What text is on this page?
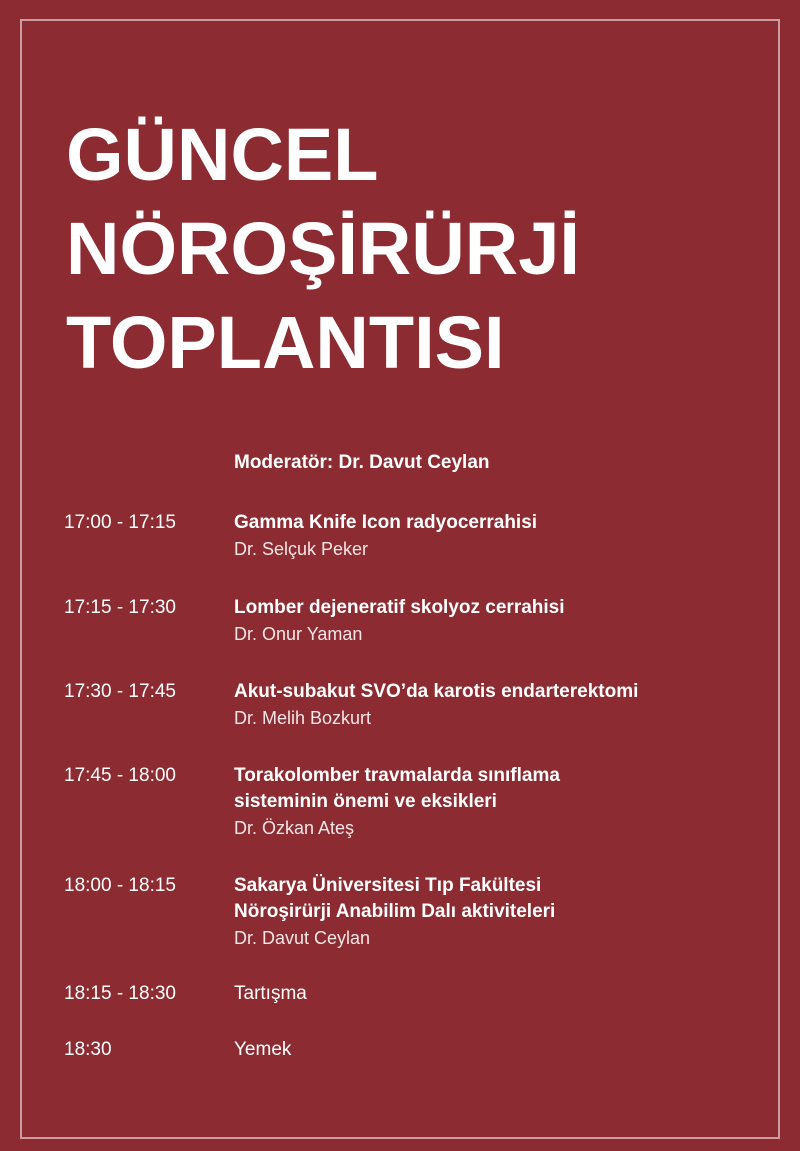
GÜNCEL
NÖROŞİRÜRJİ
TOPLANTISI
Moderatör: Dr. Davut Ceylan
17:00 - 17:15	Gamma Knife Icon radyocerrahisi
Dr. Selçuk Peker
17:15 - 17:30	Lomber dejeneratif skolyoz cerrahisi
Dr. Onur Yaman
17:30 - 17:45	Akut-subakut SVO’da karotis endarterektomi
Dr. Melih Bozkurt
17:45 - 18:00	Torakolomber travmalarda sınıflama
sisteminin önemi ve eksikleri
Dr. Özkan Ateş
18:00 - 18:15	Sakarya Üniversitesi Tıp Fakültesi
Nöroşirürji Anabilim Dalı aktiviteleri
Dr. Davut Ceylan
18:15 - 18:30	Tartışma
18:30	Yemek
